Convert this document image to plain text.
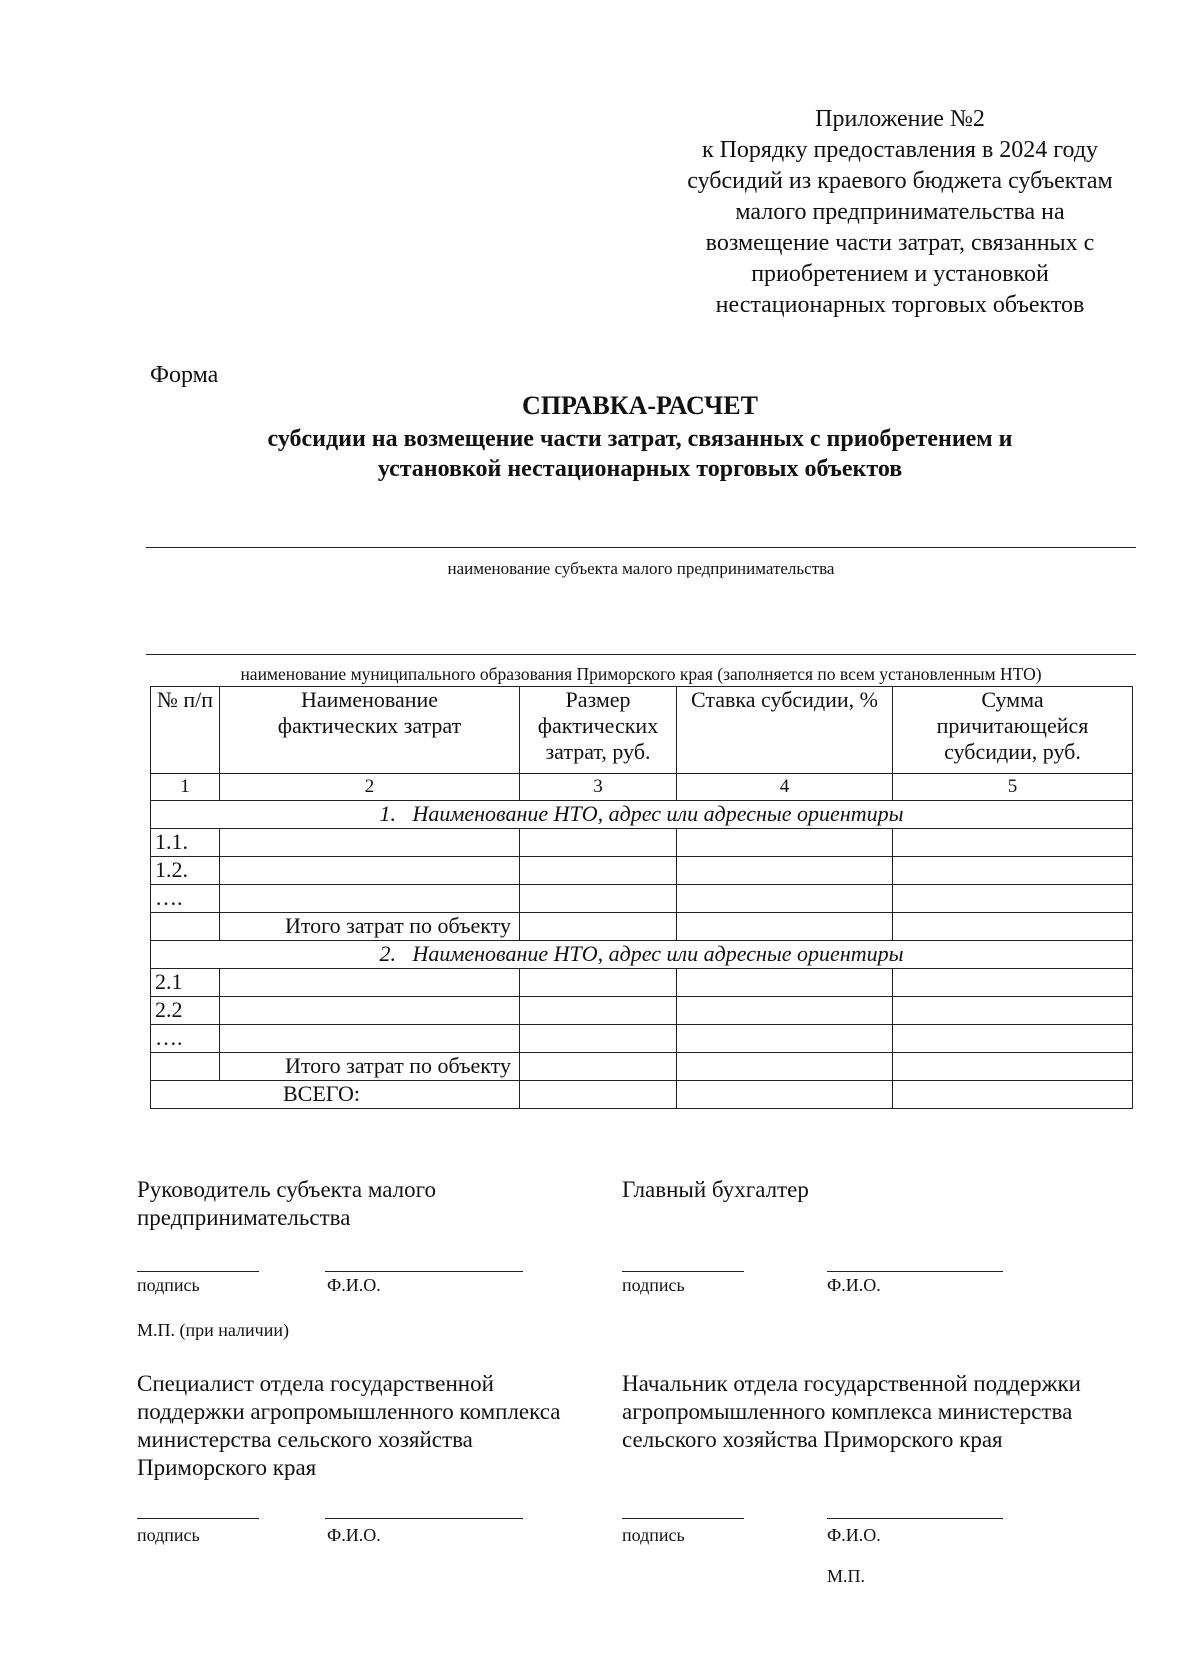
Приложение №2
к Порядку предоставления в 2024 году
субсидий из краевого бюджета субъектам
малого предпринимательства на
возмещение части затрат, связанных с
приобретением и установкой
нестационарных торговых объектов
Форма
СПРАВКА-РАСЧЕТ
субсидии на возмещение части затрат, связанных с приобретением и
установкой нестационарных торговых объектов
наименование субъекта малого предпринимательства
наименование муниципального образования Приморского края (заполняется по всем установленным НТО)
№ п/п	Наименование фактических затрат	Размер фактических затрат, руб.	Ставка субсидии, %	Сумма причитающейся субсидии, руб.
1	2	3	4	5
1.   Наименование НТО, адрес или адресные ориентиры				
1.1.				
1.2.				
….				
	Итого затрат по объекту			
2.   Наименование НТО, адрес или адресные ориентиры				
2.1				
2.2				
….				
	Итого затрат по объекту			
ВСЕГО:				
Руководитель субъекта малого
предпринимательства
Главный бухгалтер
подпись	Ф.И.О.	подпись	Ф.И.О.
М.П. (при наличии)
Специалист отдела государственной
поддержки агропромышленного комплекса
министерства сельского хозяйства
Приморского края
Начальник отдела государственной поддержки
агропромышленного комплекса министерства
сельского хозяйства Приморского края
подпись	Ф.И.О.	подпись	Ф.И.О.
М.П.
